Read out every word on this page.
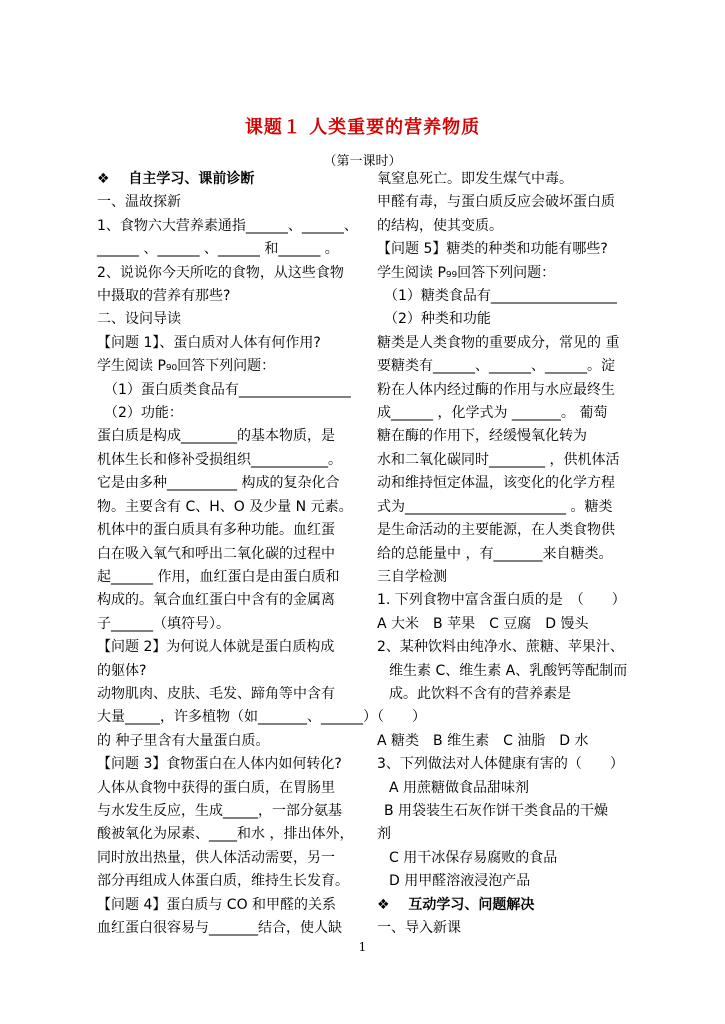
课题１ 人类重要的营养物质
（第一课时）
❖　 自主学习、课前诊断
一、温故探新
1、食物六大营养素通指______、______、
______ 、______ 、______ 和______ 。
2、说说你今天所吃的食物，从这些食物
中摄取的营养有那些?
二、设问导读
【问题 1】、蛋白质对人体有何作用?
学生阅读 P₉₀回答下列问题：
（1）蛋白质类食品有________________
（2）功能：
蛋白质是构成________的基本物质，是
机体生长和修补受损组织___________。
它是由多种__________ 构成的复杂化合
物。主要含有 C、H、O 及少量 N 元素。
机体中的蛋白质具有多种功能。血红蛋
白在吸入氧气和呼出二氧化碳的过程中
起______ 作用，血红蛋白是由蛋白质和
构成的。氧合血红蛋白中含有的金属离
子______（填符号）。
【问题 2】为何说人体就是蛋白质构成
的躯体?
动物肌肉、皮肤、毛发、蹄角等中含有
大量_____，许多植物（如_______、______）（　　）
的 种子里含有大量蛋白质。
【问题 3】食物蛋白在人体内如何转化?
人体从食物中获得的蛋白质，在胃肠里
与水发生反应，生成_____，一部分氨基
酸被氧化为尿素、____和水 ，排出体外，
同时放出热量，供人体活动需要，另一
部分再组成人体蛋白质，维持生长发育。
【问题 4】蛋白质与 CO 和甲醛的关系
血红蛋白很容易与_______结合，使人缺
氧窒息死亡。即发生煤气中毒。
甲醛有毒，与蛋白质反应会破坏蛋白质
的结构，使其变质。
【问题 5】糖类的种类和功能有哪些?
学生阅读 P₉₉回答下列问题：
（1）糖类食品有__________________
（2）种类和功能
糖类是人类食物的重要成分，常见的 重
要糖类有______、______、______。淀
粉在人体内经过酶的作用与水应最终生
成______ ，化学式为 _______。 葡萄
糖在酶的作用下，经缓慢氧化转为
水和二氧化碳同时________ ，供机体活
动和维持恒定体温，该变化的化学方程
式为_______________________ 。糖类
是生命活动的主要能源，在人类食物供
给的总能量中 ，有_______来自糖类。
三自学检测
1. 下列食物中富含蛋白质的是　（　　）
A 大米　B 苹果　C 豆腐　D 馒头
2、某种饮料由纯净水、蔗糖、苹果汁、
维生素 C、维生素 A、乳酸钙等配制而
成。此饮料不含有的营养素是

A 糖类　B 维生素　C 油脂　D 水
3、下列做法对人体健康有害的（　　）
A 用蔗糖做食品甜味剂
B 用袋装生石灰作饼干类食品的干燥
剂
C 用干冰保存易腐败的食品
D 用甲醛溶液浸泡产品
❖　 互动学习、问题解决
一、导入新课
1
